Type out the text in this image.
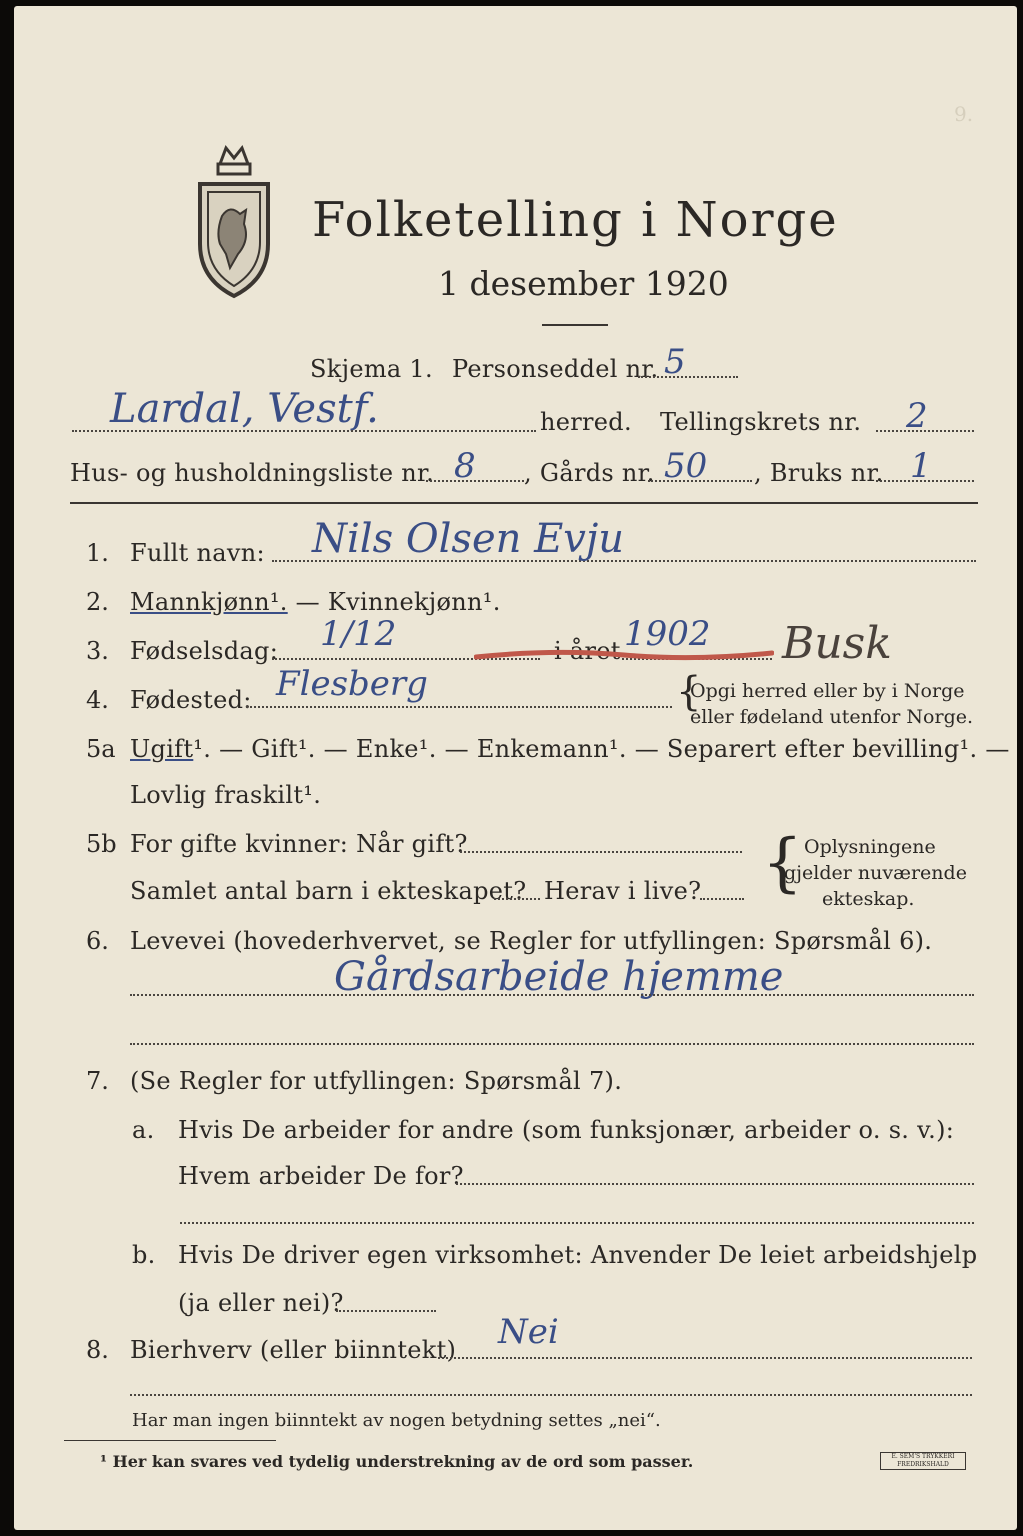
9.
Folketelling i Norge
1 desember 1920
Skjema 1. Personseddel nr. 5
Lardal, Vestf.	herred. Tellingskrets nr. 2
Hus- og husholdningsliste nr. 8 , Gårds nr. 50 , Bruks nr. 1
1. Fullt navn: Nils Olsen Evju
2. Mannkjønn¹. — Kvinnekjønn¹.
3. Fødselsdag: 1/12	i året 1902 Busk
4. Fødested: Flesberg	{
Opgi herred eller by i Norge
eller fødeland utenfor Norge.
5a Ugift¹. — Gift¹. — Enke¹. — Enkemann¹. — Separert efter bevilling¹. —
Lovlig fraskilt¹.
5b For gifte kvinner: Når gift?
Samlet antal barn i ekteskapet? Herav i live? { Oplysningene
gjelder nuværende
ekteskap.
6. Levevei (hovederhvervet, se Regler for utfyllingen: Spørsmål 6).
Gårdsarbeide hjemme
7. (Se Regler for utfyllingen: Spørsmål 7).
a. Hvis De arbeider for andre (som funksjonær, arbeider o. s. v.):
Hvem arbeider De for?
b. Hvis De driver egen virksomhet: Anvender De leiet arbeidshjelp
(ja eller nei)?
8. Bierhverv (eller biinntekt) Nei
Har man ingen biinntekt av nogen betydning settes „nei“.
¹ Her kan svares ved tydelig understrekning av de ord som passer.	E. SEM'S TRYKKERI FREDRIKSHALD
